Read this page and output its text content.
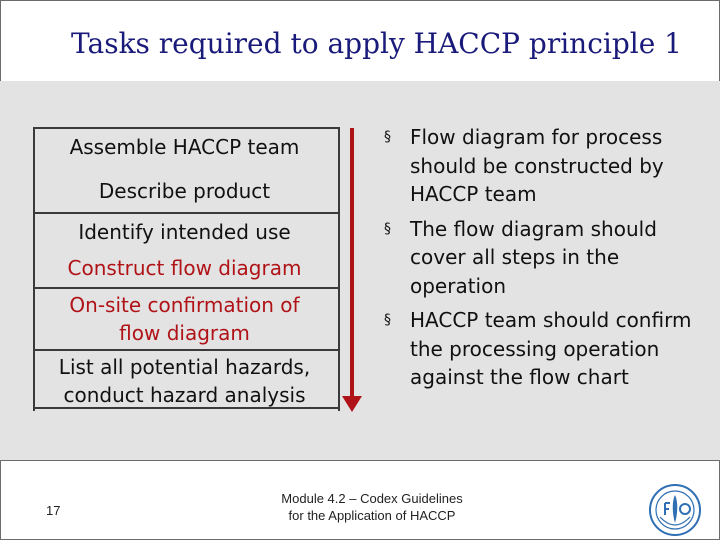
Tasks required to apply HACCP principle 1
Assemble HACCP team
Describe product
Identify intended use
Construct flow diagram
On-site confirmation of flow diagram
List all potential hazards, conduct hazard analysis
§ Flow diagram for process should be constructed by HACCP team
§ The flow diagram should cover all steps in the operation
§ HACCP team should confirm the processing operation against the flow chart
17
Module 4.2 – Codex Guidelines
for the Application of HACCP
